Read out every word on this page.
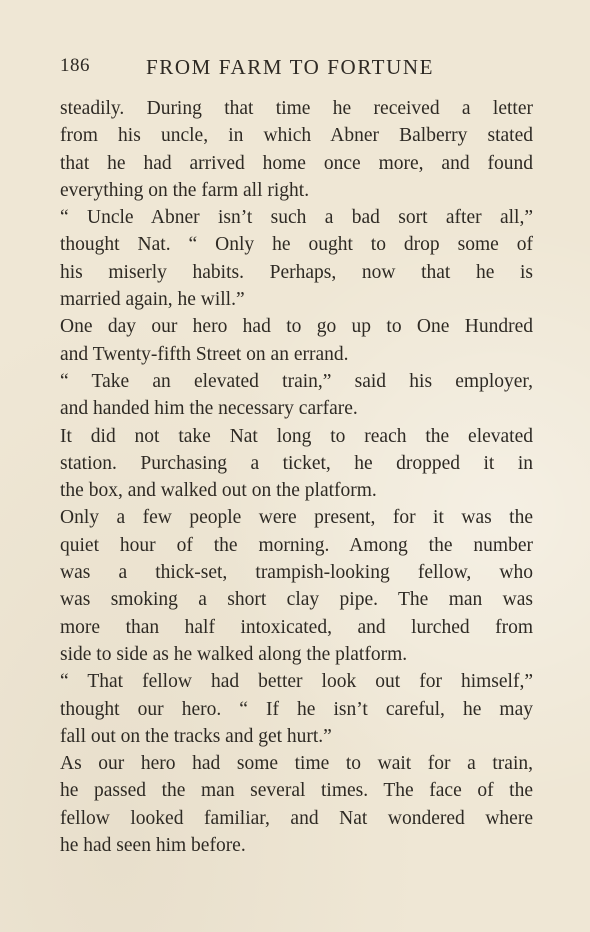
186	FROM FARM TO FORTUNE
steadily. During that time he received a letter
from his uncle, in which Abner Balberry stated
that he had arrived home once more, and found
everything on the farm all right.
“ Uncle Abner isn’t such a bad sort after all,”
thought Nat. “ Only he ought to drop some of
his miserly habits. Perhaps, now that he is
married again, he will.”
One day our hero had to go up to One Hundred
and Twenty-fifth Street on an errand.
“ Take an elevated train,” said his employer,
and handed him the necessary carfare.
It did not take Nat long to reach the elevated
station. Purchasing a ticket, he dropped it in
the box, and walked out on the platform.
Only a few people were present, for it was the
quiet hour of the morning. Among the number
was a thick-set, trampish-looking fellow, who
was smoking a short clay pipe. The man was
more than half intoxicated, and lurched from
side to side as he walked along the platform.
“ That fellow had better look out for himself,”
thought our hero. “ If he isn’t careful, he may
fall out on the tracks and get hurt.”
As our hero had some time to wait for a train,
he passed the man several times. The face of the
fellow looked familiar, and Nat wondered where
he had seen him before.
